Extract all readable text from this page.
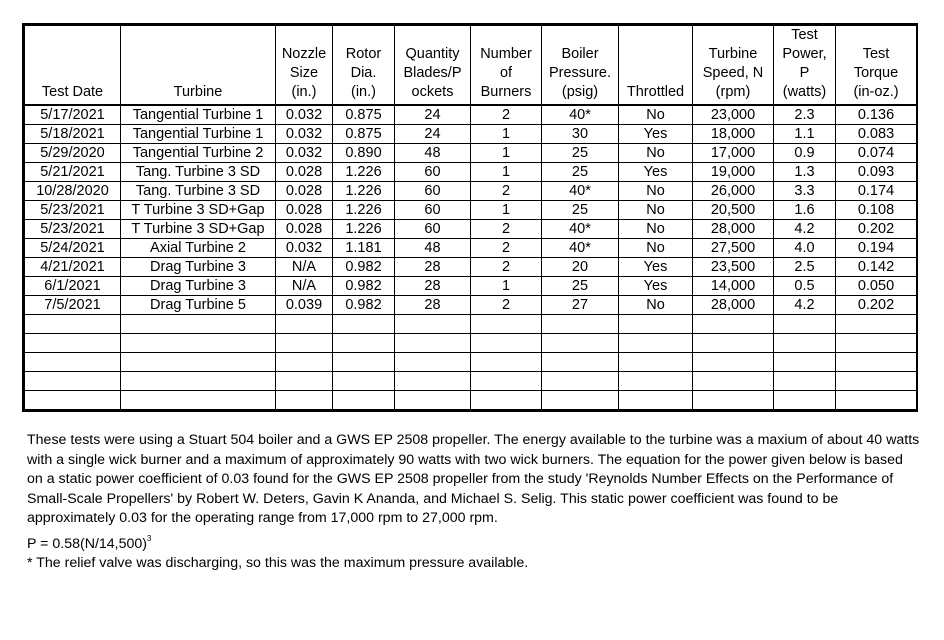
Test Date	Turbine	Nozzle
Size
(in.)	Rotor
Dia.
(in.)	Quantity
Blades/P
ockets	Number
of
Burners	Boiler
Pressure.
(psig)	Throttled	Turbine
Speed, N
(rpm)	Test
Power,
P
(watts)	Test
Torque
(in-oz.)

5/17/2021	Tangential Turbine 1	0.032	0.875	24	2	40*	No	23,000	2.3	0.136
5/18/2021	Tangential Turbine 1	0.032	0.875	24	1	30	Yes	18,000	1.1	0.083
5/29/2020	Tangential Turbine 2	0.032	0.890	48	1	25	No	17,000	0.9	0.074
5/21/2021	Tang. Turbine 3 SD	0.028	1.226	60	1	25	Yes	19,000	1.3	0.093
10/28/2020	Tang. Turbine 3 SD	0.028	1.226	60	2	40*	No	26,000	3.3	0.174
5/23/2021	T Turbine 3 SD+Gap	0.028	1.226	60	1	25	No	20,500	1.6	0.108
5/23/2021	T Turbine 3 SD+Gap	0.028	1.226	60	2	40*	No	28,000	4.2	0.202
5/24/2021	Axial Turbine 2	0.032	1.181	48	2	40*	No	27,500	4.0	0.194
4/21/2021	Drag Turbine 3	N/A	0.982	28	2	20	Yes	23,500	2.5	0.142
6/1/2021	Drag Turbine 3	N/A	0.982	28	1	25	Yes	14,000	0.5	0.050
7/5/2021	Drag Turbine 5	0.039	0.982	28	2	27	No	28,000	4.2	0.202

These tests were using a Stuart 504 boiler and a GWS EP 2508 propeller. The energy available to the turbine was a maxium of about 40 watts with a single wick burner and a maximum of approximately 90 watts with two wick burners. The equation for the power given below is based on a static power coefficient of 0.03 found for the GWS EP 2508 propeller from the study 'Reynolds Number Effects on the Performance of Small-Scale Propellers' by Robert W. Deters, Gavin K Ananda, and Michael S. Selig. This static power coefficient was found to be approximately 0.03 for the operating range from 17,000 rpm to 27,000 rpm.

$P = 0.58(N/14,500)^3$

* The relief valve was discharging, so this was the maximum pressure available.
